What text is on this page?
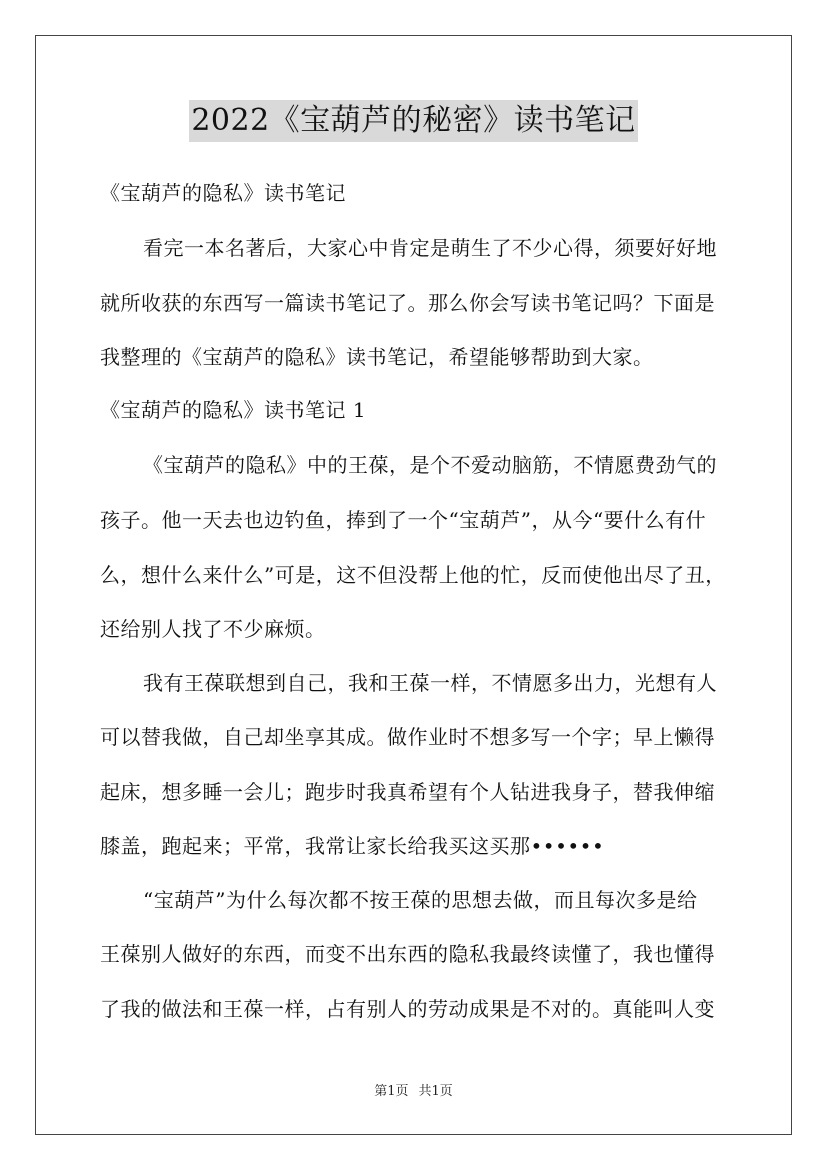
2022《宝葫芦的秘密》读书笔记
《宝葫芦的隐私》读书笔记
看完一本名著后，大家心中肯定是萌生了不少心得，须要好好地
就所收获的东西写一篇读书笔记了。那么你会写读书笔记吗？下面是
我整理的《宝葫芦的隐私》读书笔记，希望能够帮助到大家。
《宝葫芦的隐私》读书笔记 1
《宝葫芦的隐私》中的王葆，是个不爱动脑筋，不情愿费劲气的
孩子。他一天去也边钓鱼，捧到了一个“宝葫芦”，从今“要什么有什
么，想什么来什么”可是，这不但没帮上他的忙，反而使他出尽了丑，
还给别人找了不少麻烦。
我有王葆联想到自己，我和王葆一样，不情愿多出力，光想有人
可以替我做，自己却坐享其成。做作业时不想多写一个字；早上懒得
起床，想多睡一会儿；跑步时我真希望有个人钻进我身子，替我伸缩
膝盖，跑起来；平常，我常让家长给我买这买那••••••
“宝葫芦”为什么每次都不按王葆的思想去做，而且每次多是给
王葆别人做好的东西，而变不出东西的隐私我最终读懂了，我也懂得
了我的做法和王葆一样，占有别人的劳动成果是不对的。真能叫人变
第1页 共1页
